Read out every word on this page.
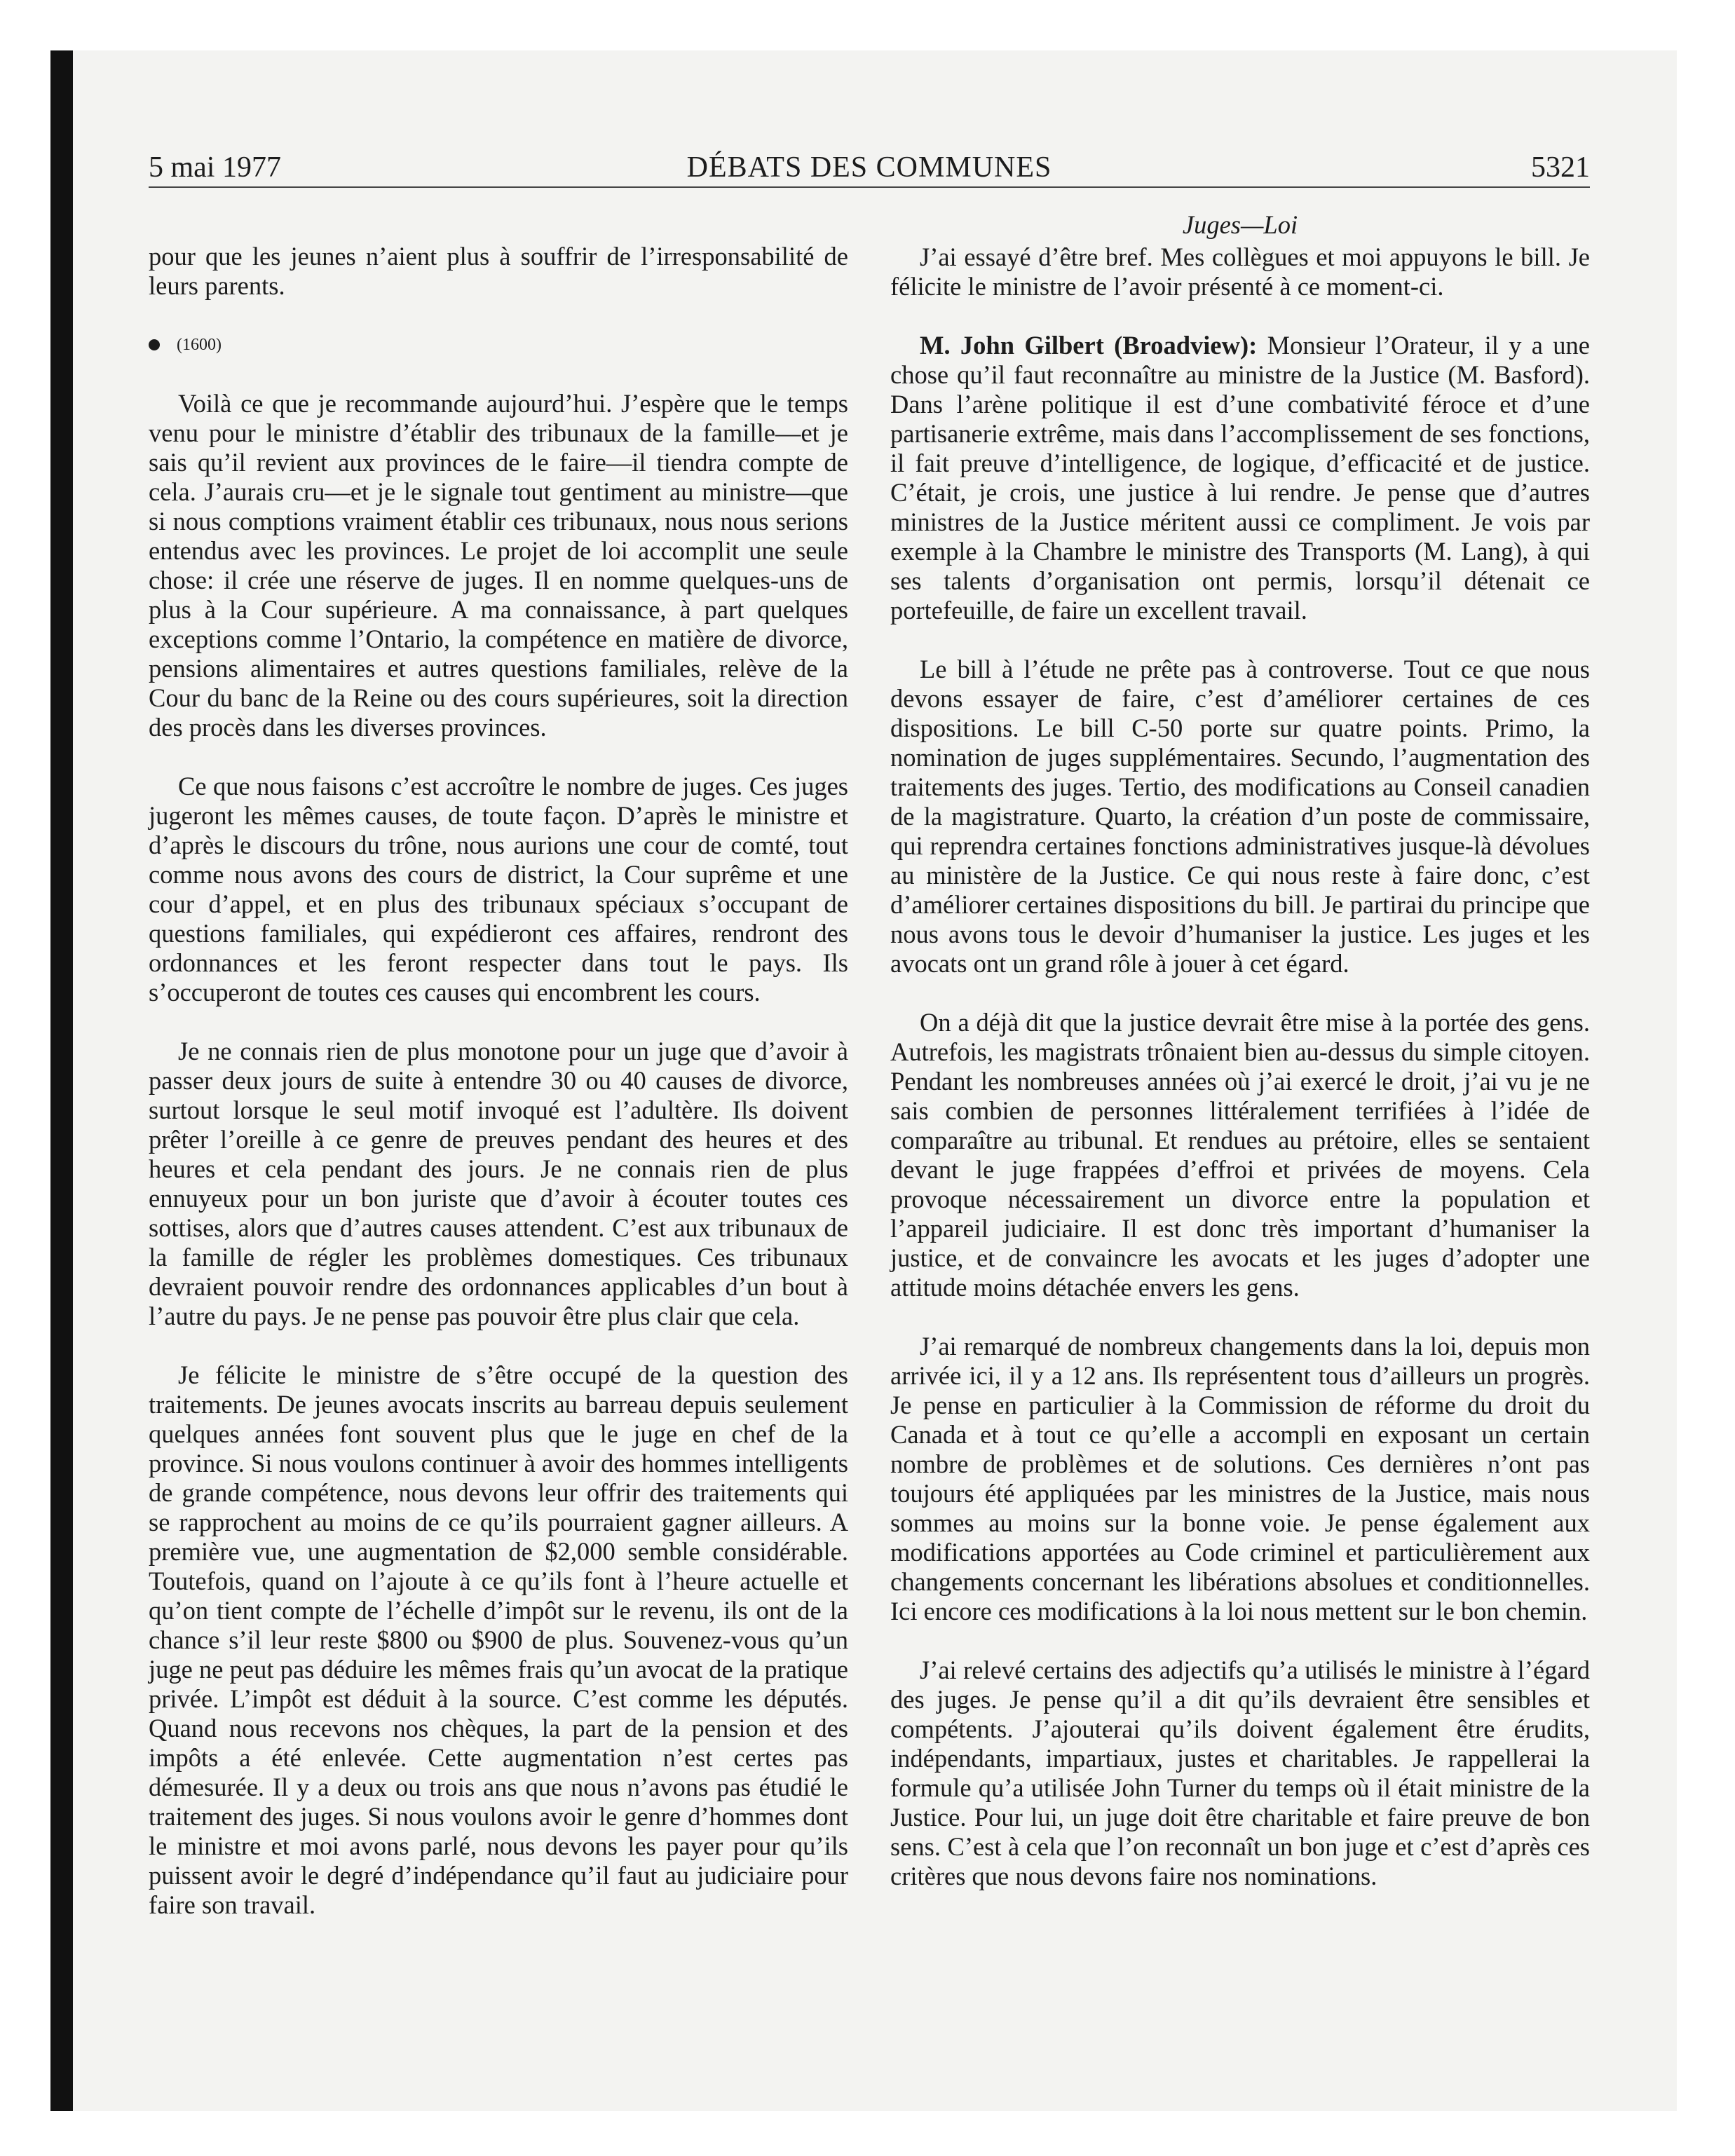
5 mai 1977	DÉBATS DES COMMUNES	5321

pour que les jeunes n’aient plus à souffrir de l’irresponsabilité de leurs parents.

(1600)

Voilà ce que je recommande aujourd’hui. J’espère que le temps venu pour le ministre d’établir des tribunaux de la famille—et je sais qu’il revient aux provinces de le faire—il tiendra compte de cela. J’aurais cru—et je le signale tout gentiment au ministre—que si nous comptions vraiment établir ces tribunaux, nous nous serions entendus avec les provinces. Le projet de loi accomplit une seule chose: il crée une réserve de juges. Il en nomme quelques-uns de plus à la Cour supérieure. A ma connaissance, à part quelques exceptions comme l’Ontario, la compétence en matière de divorce, pensions alimentaires et autres questions familiales, relève de la Cour du banc de la Reine ou des cours supérieures, soit la direction des procès dans les diverses provinces.

Ce que nous faisons c’est accroître le nombre de juges. Ces juges jugeront les mêmes causes, de toute façon. D’après le ministre et d’après le discours du trône, nous aurions une cour de comté, tout comme nous avons des cours de district, la Cour suprême et une cour d’appel, et en plus des tribunaux spéciaux s’occupant de questions familiales, qui expédieront ces affaires, rendront des ordonnances et les feront respecter dans tout le pays. Ils s’occuperont de toutes ces causes qui encombrent les cours.

Je ne connais rien de plus monotone pour un juge que d’avoir à passer deux jours de suite à entendre 30 ou 40 causes de divorce, surtout lorsque le seul motif invoqué est l’adultère. Ils doivent prêter l’oreille à ce genre de preuves pendant des heures et des heures et cela pendant des jours. Je ne connais rien de plus ennuyeux pour un bon juriste que d’avoir à écouter toutes ces sottises, alors que d’autres causes attendent. C’est aux tribunaux de la famille de régler les problèmes domestiques. Ces tribunaux devraient pouvoir rendre des ordonnances applicables d’un bout à l’autre du pays. Je ne pense pas pouvoir être plus clair que cela.

Je félicite le ministre de s’être occupé de la question des traitements. De jeunes avocats inscrits au barreau depuis seulement quelques années font souvent plus que le juge en chef de la province. Si nous voulons continuer à avoir des hommes intelligents de grande compétence, nous devons leur offrir des traitements qui se rapprochent au moins de ce qu’ils pourraient gagner ailleurs. A première vue, une augmentation de $2,000 semble considérable. Toutefois, quand on l’ajoute à ce qu’ils font à l’heure actuelle et qu’on tient compte de l’échelle d’impôt sur le revenu, ils ont de la chance s’il leur reste $800 ou $900 de plus. Souvenez-vous qu’un juge ne peut pas déduire les mêmes frais qu’un avocat de la pratique privée. L’impôt est déduit à la source. C’est comme les députés. Quand nous recevons nos chèques, la part de la pension et des impôts a été enlevée. Cette augmentation n’est certes pas démesurée. Il y a deux ou trois ans que nous n’avons pas étudié le traitement des juges. Si nous voulons avoir le genre d’hommes dont le ministre et moi avons parlé, nous devons les payer pour qu’ils puissent avoir le degré d’indépendance qu’il faut au judiciaire pour faire son travail.

Juges—Loi

J’ai essayé d’être bref. Mes collègues et moi appuyons le bill. Je félicite le ministre de l’avoir présenté à ce moment-ci.

M. John Gilbert (Broadview): Monsieur l’Orateur, il y a une chose qu’il faut reconnaître au ministre de la Justice (M. Basford). Dans l’arène politique il est d’une combativité féroce et d’une partisanerie extrême, mais dans l’accomplissement de ses fonctions, il fait preuve d’intelligence, de logique, d’efficacité et de justice. C’était, je crois, une justice à lui rendre. Je pense que d’autres ministres de la Justice méritent aussi ce compliment. Je vois par exemple à la Chambre le ministre des Transports (M. Lang), à qui ses talents d’organisation ont permis, lorsqu’il détenait ce portefeuille, de faire un excellent travail.

Le bill à l’étude ne prête pas à controverse. Tout ce que nous devons essayer de faire, c’est d’améliorer certaines de ces dispositions. Le bill C-50 porte sur quatre points. Primo, la nomination de juges supplémentaires. Secundo, l’augmentation des traitements des juges. Tertio, des modifications au Conseil canadien de la magistrature. Quarto, la création d’un poste de commissaire, qui reprendra certaines fonctions administratives jusque-là dévolues au ministère de la Justice. Ce qui nous reste à faire donc, c’est d’améliorer certaines dispositions du bill. Je partirai du principe que nous avons tous le devoir d’humaniser la justice. Les juges et les avocats ont un grand rôle à jouer à cet égard.

On a déjà dit que la justice devrait être mise à la portée des gens. Autrefois, les magistrats trônaient bien au-dessus du simple citoyen. Pendant les nombreuses années où j’ai exercé le droit, j’ai vu je ne sais combien de personnes littéralement terrifiées à l’idée de comparaître au tribunal. Et rendues au prétoire, elles se sentaient devant le juge frappées d’effroi et privées de moyens. Cela provoque nécessairement un divorce entre la population et l’appareil judiciaire. Il est donc très important d’humaniser la justice, et de convaincre les avocats et les juges d’adopter une attitude moins détachée envers les gens.

J’ai remarqué de nombreux changements dans la loi, depuis mon arrivée ici, il y a 12 ans. Ils représentent tous d’ailleurs un progrès. Je pense en particulier à la Commission de réforme du droit du Canada et à tout ce qu’elle a accompli en exposant un certain nombre de problèmes et de solutions. Ces dernières n’ont pas toujours été appliquées par les ministres de la Justice, mais nous sommes au moins sur la bonne voie. Je pense également aux modifications apportées au Code criminel et particulièrement aux changements concernant les libérations absolues et conditionnelles. Ici encore ces modifications à la loi nous mettent sur le bon chemin.

J’ai relevé certains des adjectifs qu’a utilisés le ministre à l’égard des juges. Je pense qu’il a dit qu’ils devraient être sensibles et compétents. J’ajouterai qu’ils doivent également être érudits, indépendants, impartiaux, justes et charitables. Je rappellerai la formule qu’a utilisée John Turner du temps où il était ministre de la Justice. Pour lui, un juge doit être charitable et faire preuve de bon sens. C’est à cela que l’on reconnaît un bon juge et c’est d’après ces critères que nous devons faire nos nominations.
